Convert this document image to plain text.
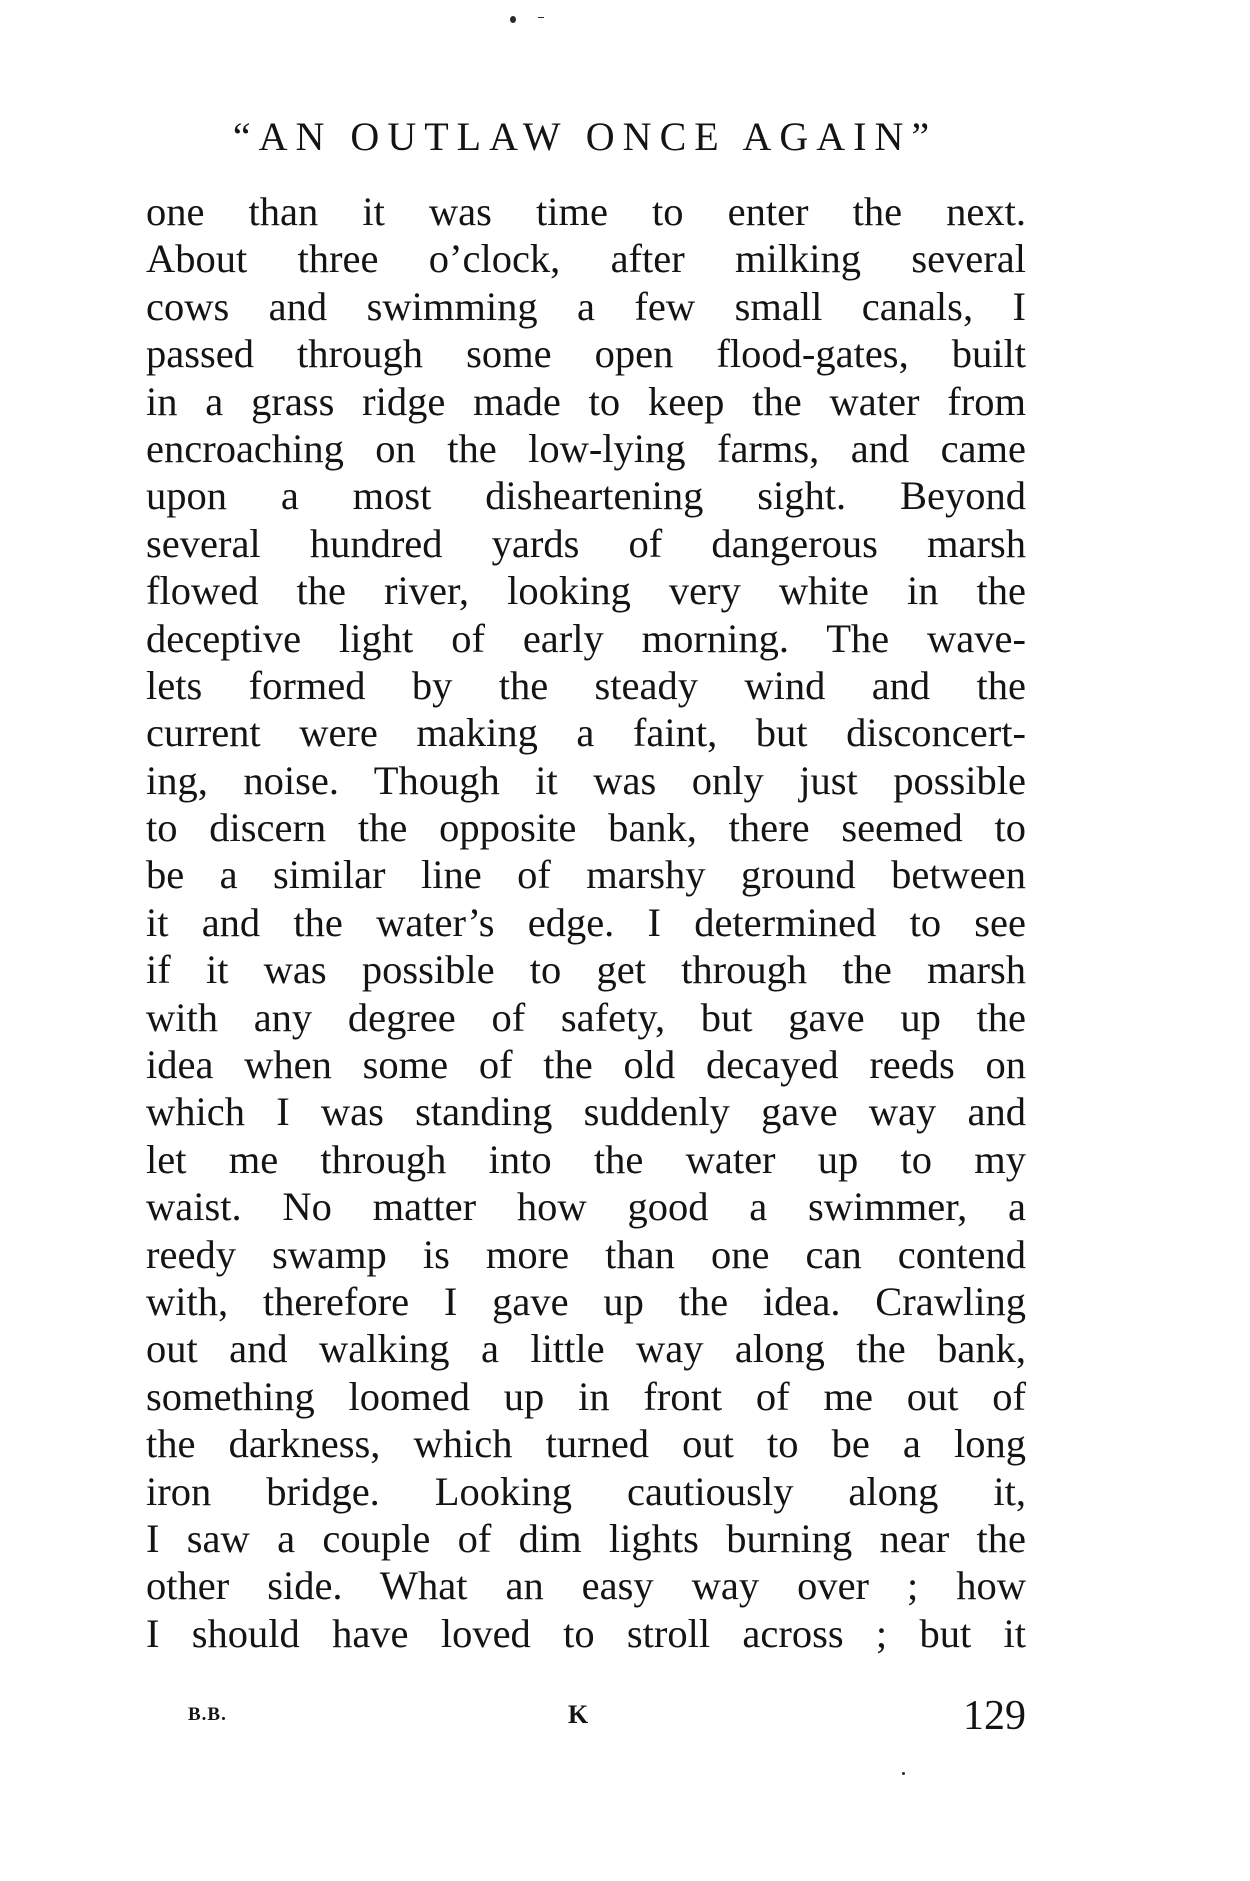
“AN OUTLAW ONCE AGAIN”
one than it was time to enter the next.
About three o’clock, after milking several
cows and swimming a few small canals, I
passed through some open flood-gates, built
in a grass ridge made to keep the water from
encroaching on the low-lying farms, and came
upon a most disheartening sight. Beyond
several hundred yards of dangerous marsh
flowed the river, looking very white in the
deceptive light of early morning. The wave-
lets formed by the steady wind and the
current were making a faint, but disconcert-
ing, noise. Though it was only just possible
to discern the opposite bank, there seemed to
be a similar line of marshy ground between
it and the water’s edge. I determined to see
if it was possible to get through the marsh
with any degree of safety, but gave up the
idea when some of the old decayed reeds on
which I was standing suddenly gave way and
let me through into the water up to my
waist. No matter how good a swimmer, a
reedy swamp is more than one can contend
with, therefore I gave up the idea. Crawling
out and walking a little way along the bank,
something loomed up in front of me out of
the darkness, which turned out to be a long
iron bridge. Looking cautiously along it,
I saw a couple of dim lights burning near the
other side. What an easy way over ; how
I should have loved to stroll across ; but it
B.B.	K	129
